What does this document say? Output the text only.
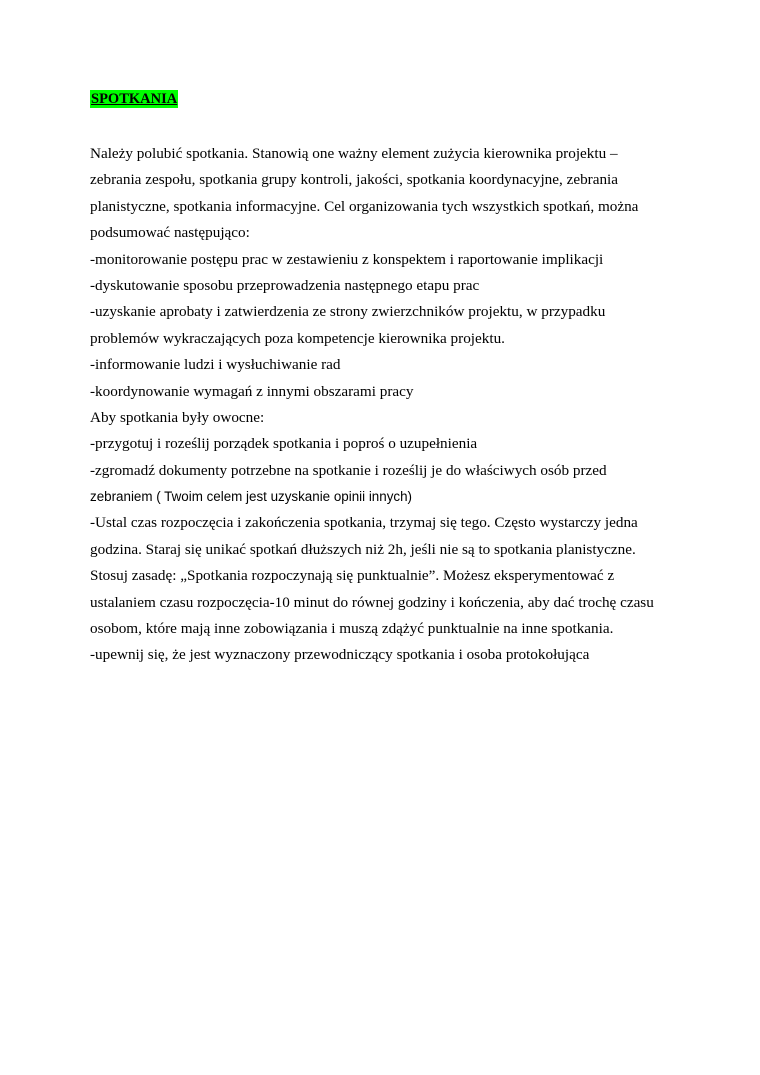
SPOTKANIA
Należy polubić spotkania. Stanowią one ważny element zużycia kierownika projektu –
zebrania zespołu, spotkania grupy kontroli, jakości, spotkania koordynacyjne, zebrania
planistyczne, spotkania informacyjne. Cel organizowania tych wszystkich spotkań, można
podsumować następująco:
-monitorowanie postępu prac w zestawieniu z konspektem i raportowanie implikacji
-dyskutowanie sposobu przeprowadzenia następnego etapu prac
-uzyskanie aprobaty i zatwierdzenia ze strony zwierzchników projektu, w przypadku
problemów wykraczających poza kompetencje kierownika projektu.
-informowanie ludzi i wysłuchiwanie rad
-koordynowanie wymagań z innymi obszarami pracy
Aby spotkania były owocne:
-przygotuj i roześlij porządek spotkania i poproś o uzupełnienia
-zgromadź dokumenty potrzebne na spotkanie i roześlij je do właściwych osób przed
zebraniem ( Twoim celem jest uzyskanie opinii innych)
-Ustal czas rozpoczęcia i zakończenia spotkania, trzymaj się tego. Często wystarczy jedna
godzina. Staraj się unikać spotkań dłuższych niż 2h, jeśli nie są to spotkania planistyczne.
Stosuj zasadę: „Spotkania rozpoczynają się punktualnie”. Możesz eksperymentować z
ustalaniem czasu rozpoczęcia-10 minut do równej godziny i kończenia, aby dać trochę czasu
osobom, które mają inne zobowiązania i muszą zdążyć punktualnie na inne spotkania.
-upewnij się, że jest wyznaczony przewodniczący spotkania i osoba protokołująca
